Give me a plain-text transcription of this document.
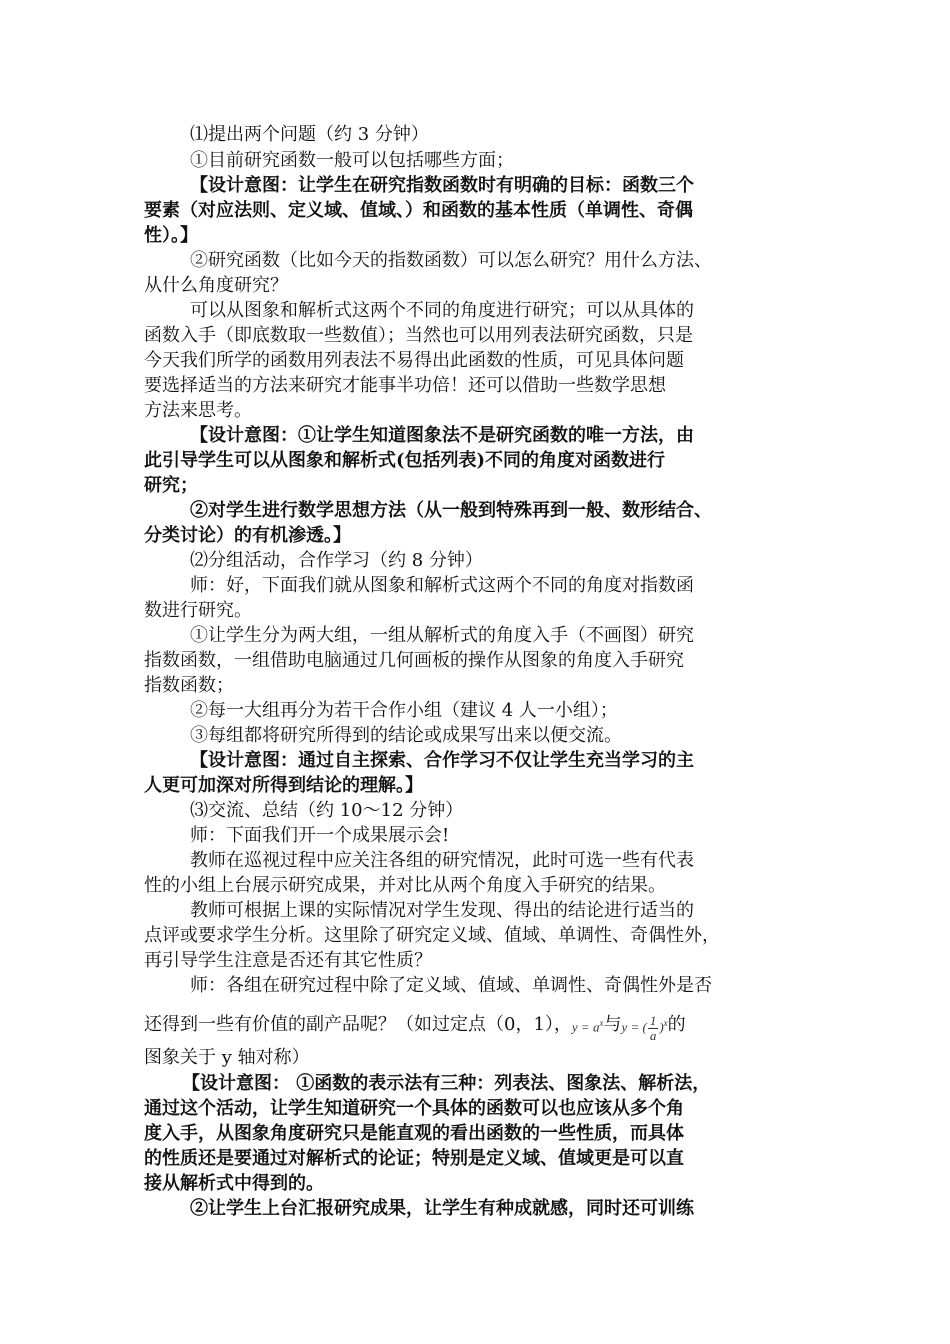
⑴提出两个问题（约 3 分钟）
①目前研究函数一般可以包括哪些方面；
【设计意图：让学生在研究指数函数时有明确的目标：函数三个
要素（对应法则、定义域、值域、）和函数的基本性质（单调性、奇偶
性）。】
②研究函数（比如今天的指数函数）可以怎么研究？用什么方法、
从什么角度研究？
可以从图象和解析式这两个不同的角度进行研究；可以从具体的
函数入手（即底数取一些数值）；当然也可以用列表法研究函数，只是
今天我们所学的函数用列表法不易得出此函数的性质，可见具体问题
要选择适当的方法来研究才能事半功倍！还可以借助一些数学思想
方法来思考。
【设计意图：①让学生知道图象法不是研究函数的唯一方法，由
此引导学生可以从图象和解析式(包括列表)不同的角度对函数进行
研究；
②对学生进行数学思想方法（从一般到特殊再到一般、数形结合、
分类讨论）的有机渗透。】
⑵分组活动，合作学习（约 8 分钟）
师：好，下面我们就从图象和解析式这两个不同的角度对指数函
数进行研究。
①让学生分为两大组，一组从解析式的角度入手（不画图）研究
指数函数，一组借助电脑通过几何画板的操作从图象的角度入手研究
指数函数；
②每一大组再分为若干合作小组（建议 4 人一小组）；
③每组都将研究所得到的结论或成果写出来以便交流。
【设计意图：通过自主探索、合作学习不仅让学生充当学习的主
人更可加深对所得到结论的理解。】
⑶交流、总结（约 10～12 分钟）
师：下面我们开一个成果展示会!
教师在巡视过程中应关注各组的研究情况，此时可选一些有代表
性的小组上台展示研究成果，并对比从两个角度入手研究的结果。
教师可根据上课的实际情况对学生发现、得出的结论进行适当的
点评或要求学生分析。这里除了研究定义域、值域、单调性、奇偶性外，
再引导学生注意是否还有其它性质？
师：各组在研究过程中除了定义域、值域、单调性、奇偶性外是否
还得到一些有价值的副产品呢？（如过定点（0，1），$y = a^x$与y = ( $\frac{1}{a} )^x$的
图象关于 y 轴对称）
【设计意图： ①函数的表示法有三种：列表法、图象法、解析法，
通过这个活动，让学生知道研究一个具体的函数可以也应该从多个角
度入手，从图象角度研究只是能直观的看出函数的一些性质，而具体
的性质还是要通过对解析式的论证；特别是定义域、值域更是可以直
接从解析式中得到的。
②让学生上台汇报研究成果，让学生有种成就感，同时还可训练
